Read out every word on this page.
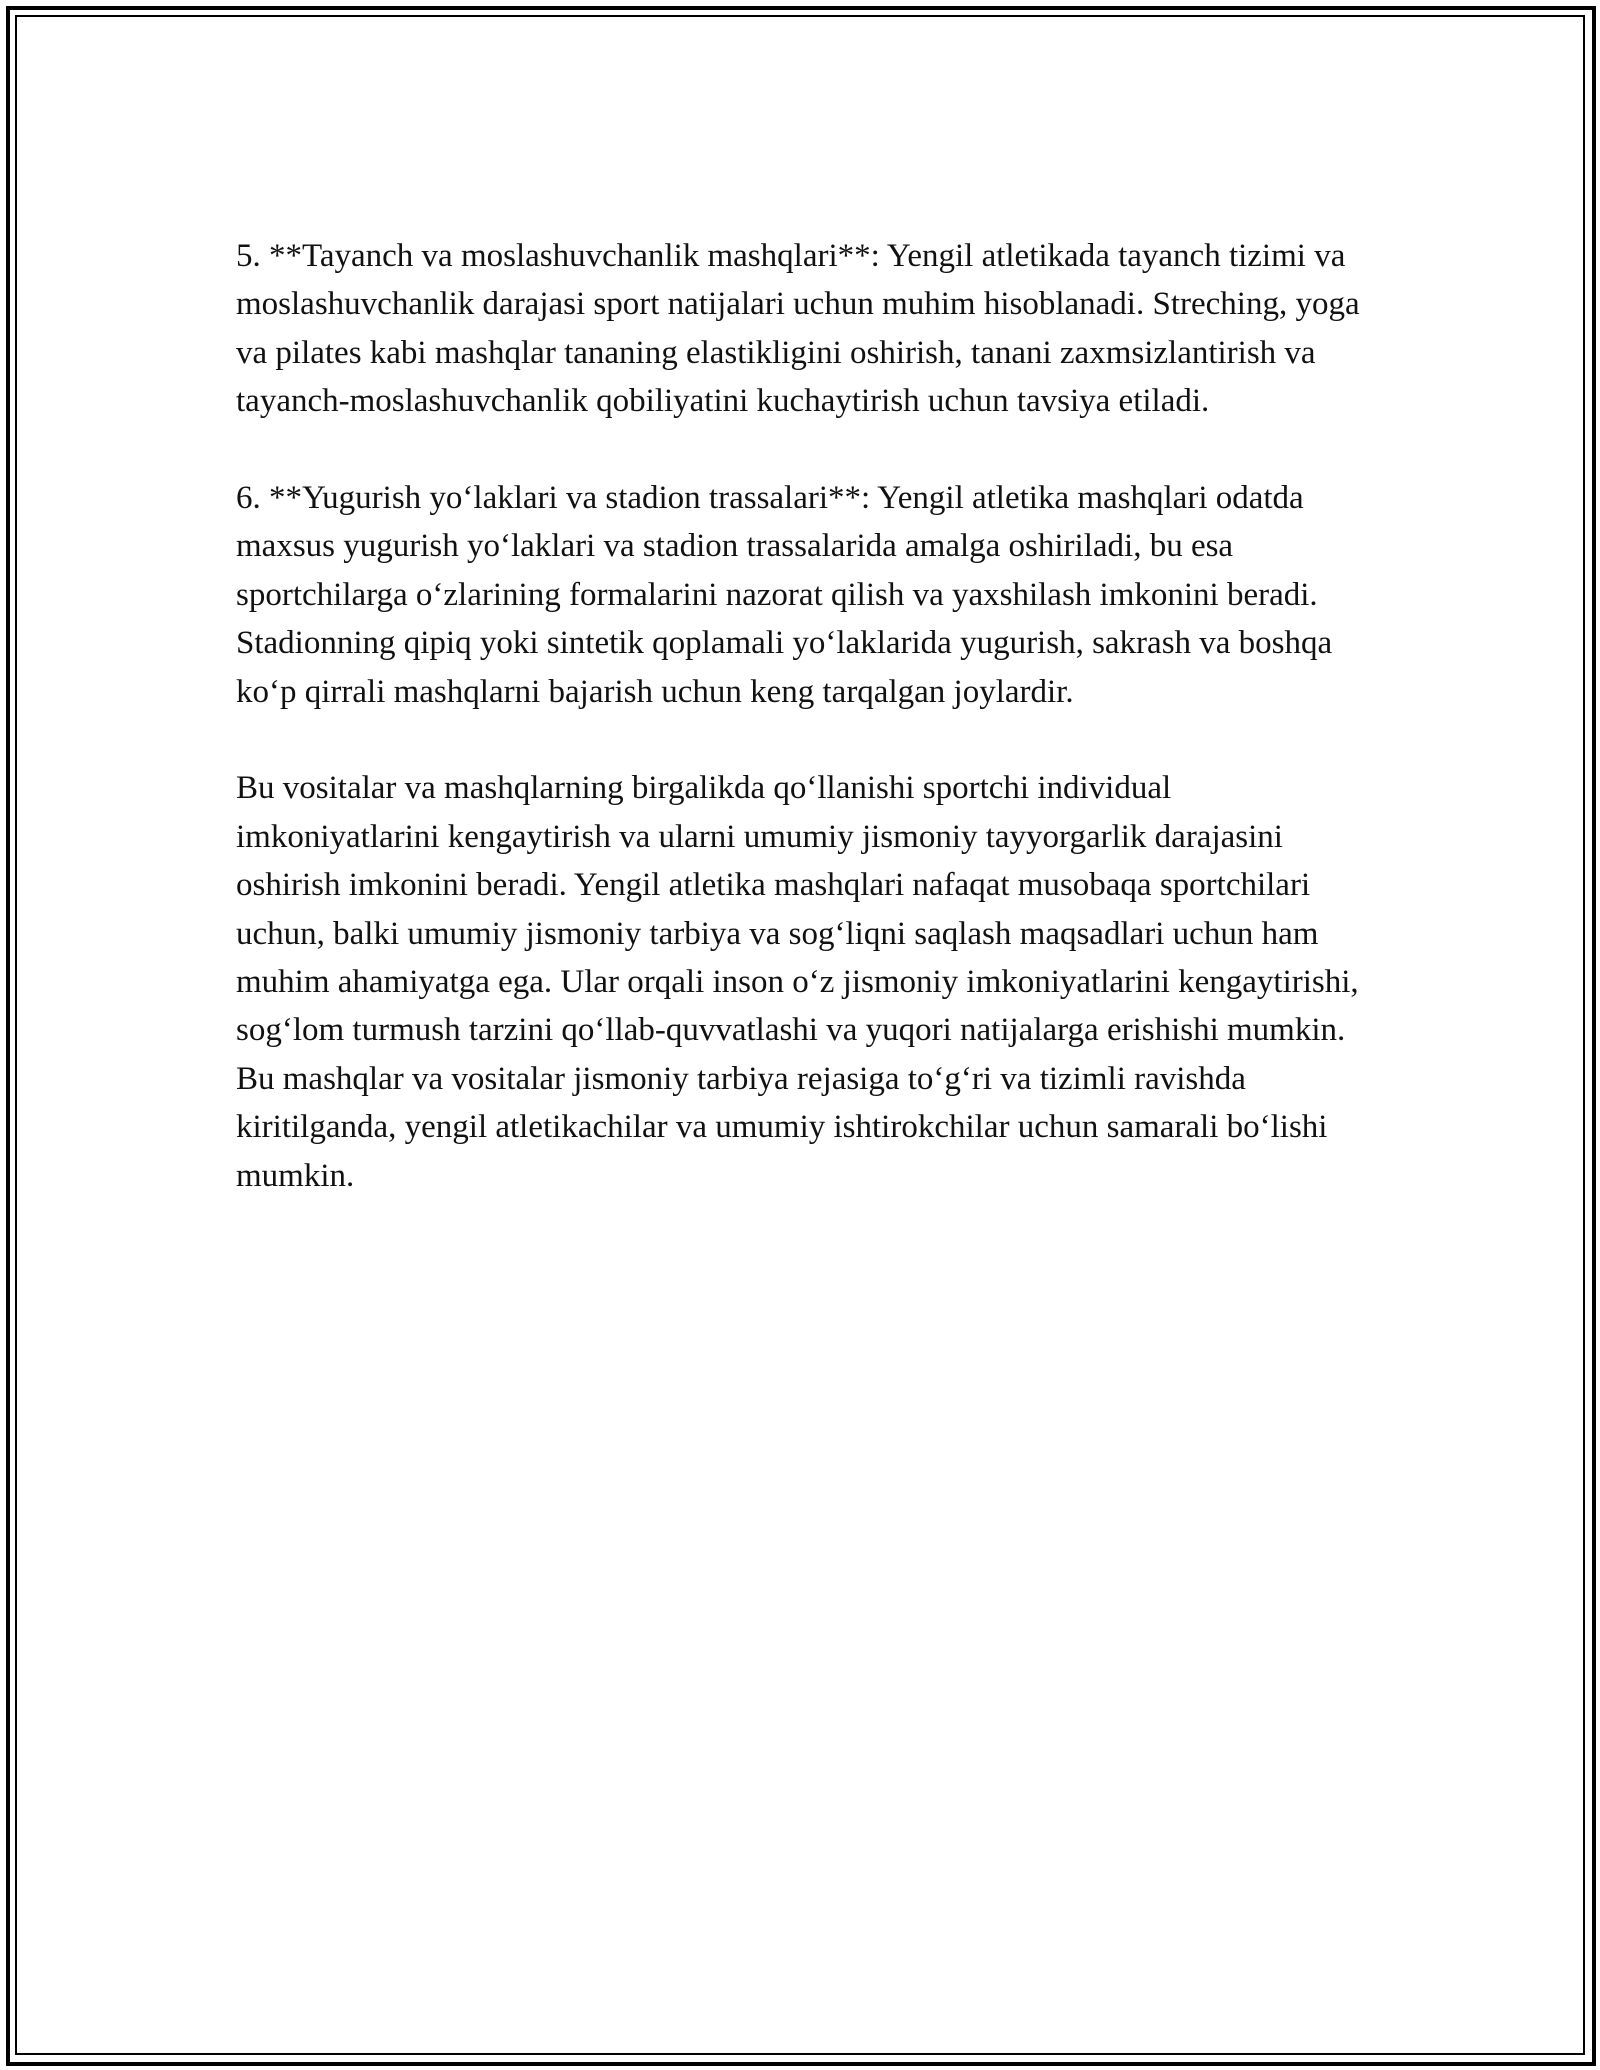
5. **Tayanch va moslashuvchanlik mashqlari**: Yengil atletikada tayanch tizimi va moslashuvchanlik darajasi sport natijalari uchun muhim hisoblanadi. Streching, yoga va pilates kabi mashqlar tananing elastikligini oshirish, tanani zaxmsizlantirish va tayanch-moslashuvchanlik qobiliyatini kuchaytirish uchun tavsiya etiladi.

6. **Yugurish yo‘laklari va stadion trassalari**: Yengil atletika mashqlari odatda maxsus yugurish yo‘laklari va stadion trassalarida amalga oshiriladi, bu esa sportchilarga o‘zlarining formalarini nazorat qilish va yaxshilash imkonini beradi. Stadionning qipiq yoki sintetik qoplamali yo‘laklarida yugurish, sakrash va boshqa ko‘p qirrali mashqlarni bajarish uchun keng tarqalgan joylardir.

Bu vositalar va mashqlarning birgalikda qo‘llanishi sportchi individual imkoniyatlarini kengaytirish va ularni umumiy jismoniy tayyorgarlik darajasini oshirish imkonini beradi. Yengil atletika mashqlari nafaqat musobaqa sportchilari uchun, balki umumiy jismoniy tarbiya va sog‘liqni saqlash maqsadlari uchun ham muhim ahamiyatga ega. Ular orqali inson o‘z jismoniy imkoniyatlarini kengaytirishi, sog‘lom turmush tarzini qo‘llab-quvvatlashi va yuqori natijalarga erishishi mumkin. Bu mashqlar va vositalar jismoniy tarbiya rejasiga to‘g‘ri va tizimli ravishda kiritilganda, yengil atletikachilar va umumiy ishtirokchilar uchun samarali bo‘lishi mumkin.
